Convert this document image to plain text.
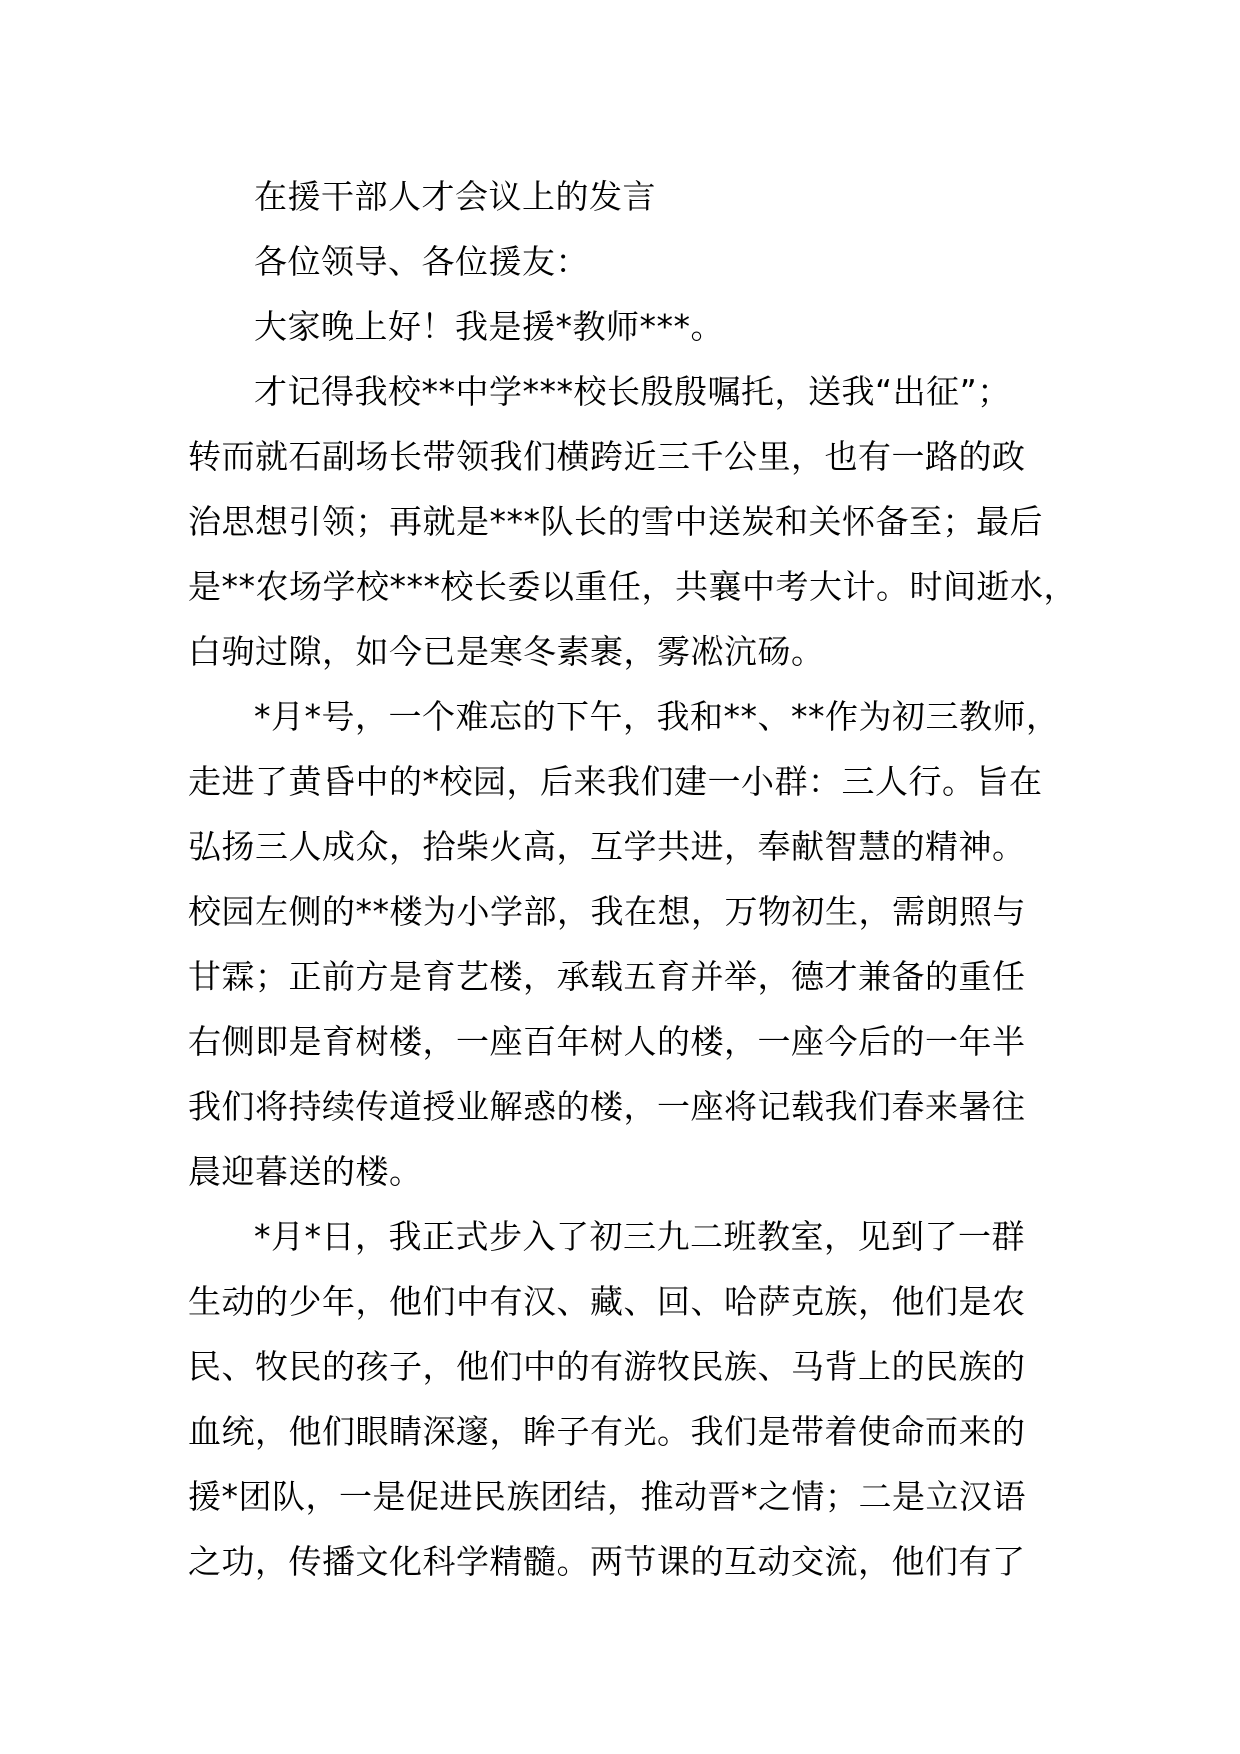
在援干部人才会议上的发言

各位领导、各位援友：

大家晚上好！我是援*教师***。

才记得我校**中学***校长殷殷嘱托，送我“出征”；
转而就石副场长带领我们横跨近三千公里，也有一路的政
治思想引领；再就是***队长的雪中送炭和关怀备至；最后
是**农场学校***校长委以重任，共襄中考大计。时间逝水，
白驹过隙，如今已是寒冬素裹，雾凇沆砀。

*月*号，一个难忘的下午，我和**、**作为初三教师，
走进了黄昏中的*校园，后来我们建一小群：三人行。旨在
弘扬三人成众，拾柴火高，互学共进，奉献智慧的精神。
校园左侧的**楼为小学部，我在想，万物初生，需朗照与
甘霖；正前方是育艺楼，承载五育并举，德才兼备的重任
右侧即是育树楼，一座百年树人的楼，一座今后的一年半
我们将持续传道授业解惑的楼，一座将记载我们春来暑往
晨迎暮送的楼。

*月*日，我正式步入了初三九二班教室，见到了一群
生动的少年，他们中有汉、藏、回、哈萨克族，他们是农
民、牧民的孩子，他们中的有游牧民族、马背上的民族的
血统，他们眼睛深邃，眸子有光。我们是带着使命而来的
援*团队，一是促进民族团结，推动晋*之情；二是立汉语
之功，传播文化科学精髓。两节课的互动交流，他们有了
